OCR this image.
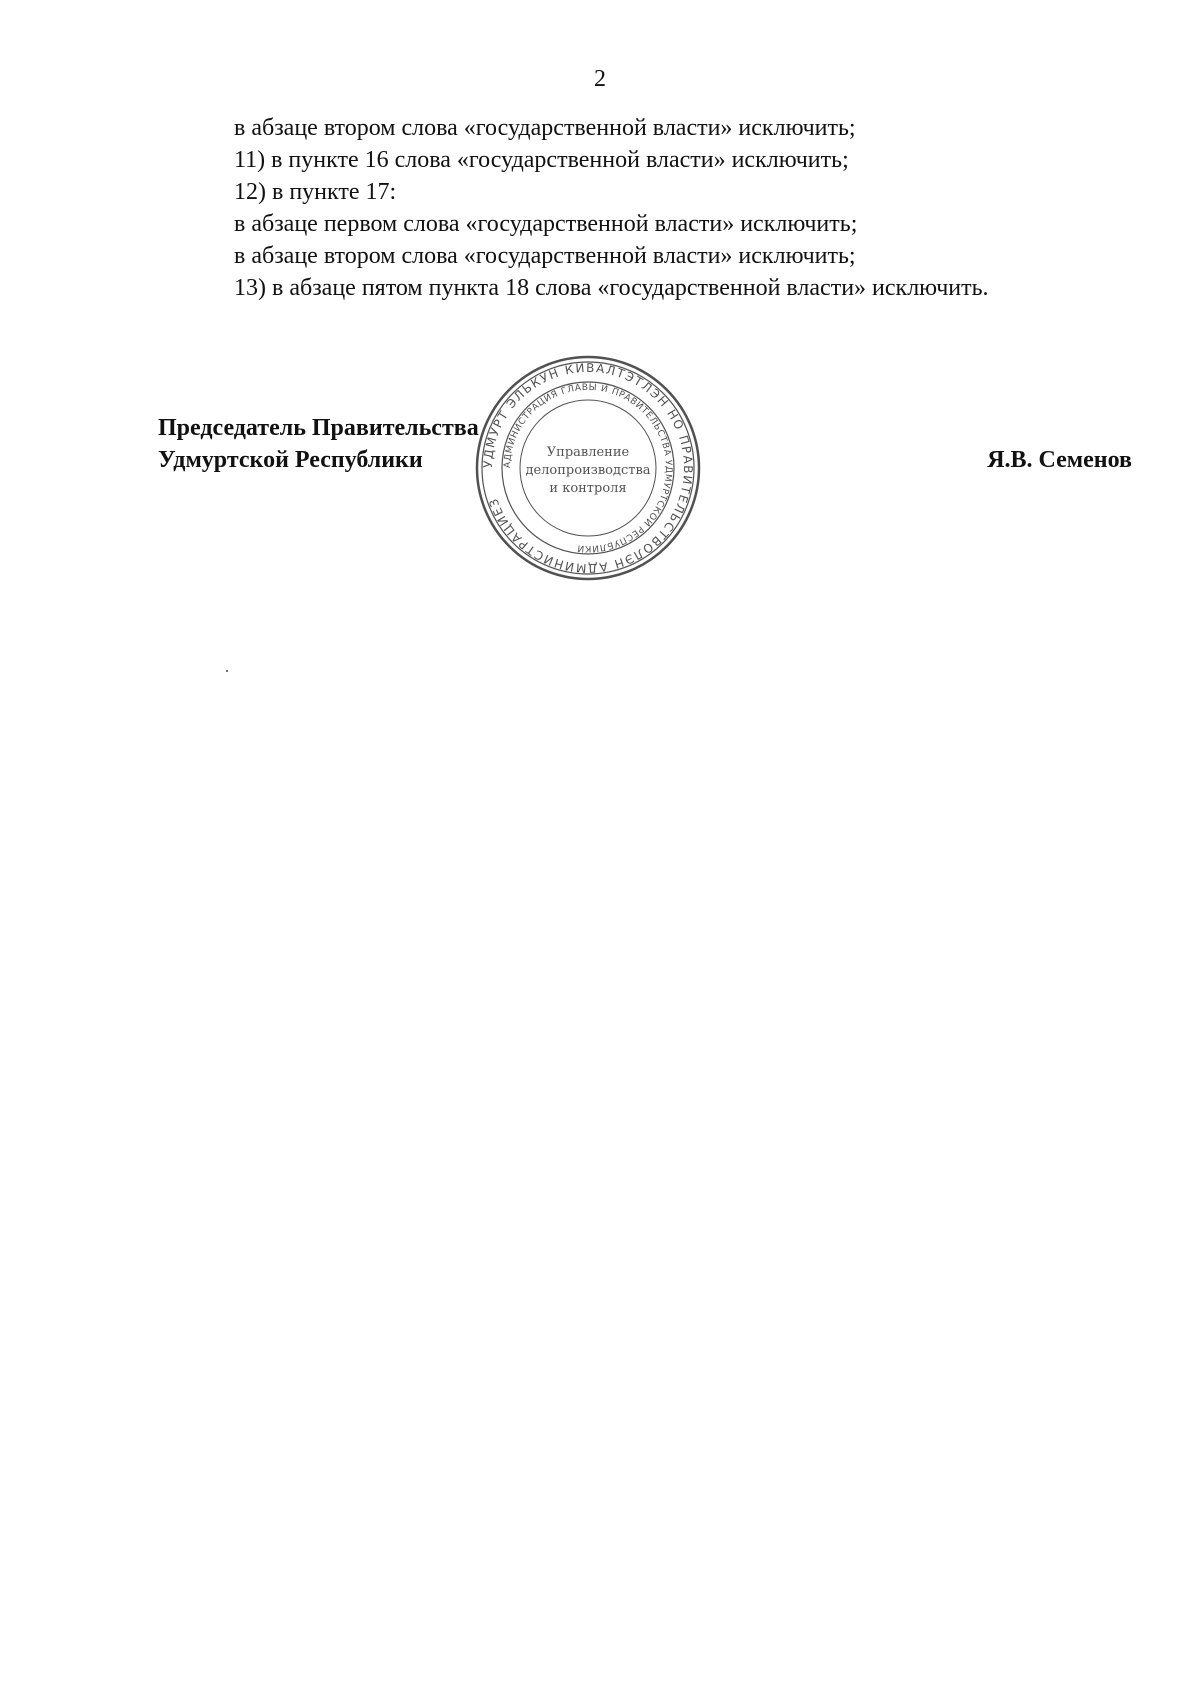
2
в абзаце втором слова «государственной власти» исключить;
11) в пункте 16 слова «государственной власти» исключить;
12) в пункте 17:
в абзаце первом слова «государственной власти» исключить;
в абзаце втором слова «государственной власти» исключить;
13) в абзаце пятом пункта 18 слова «государственной власти» исключить.
УДМУРТ ЭЛЬКУН КИВАЛТЭТЛЭН НО ПРАВИТЕЛЬСТВОЛЭН АДМИНИСТРАЦИЕЗ
АДМИНИСТРАЦИЯ ГЛАВЫ И ПРАВИТЕЛЬСТВА УДМУРТСКОЙ РЕСПУБЛИКИ
Управление
делопроизводства
и контроля
Председатель Правительства
Удмуртской Республики	Я.В. Семенов
